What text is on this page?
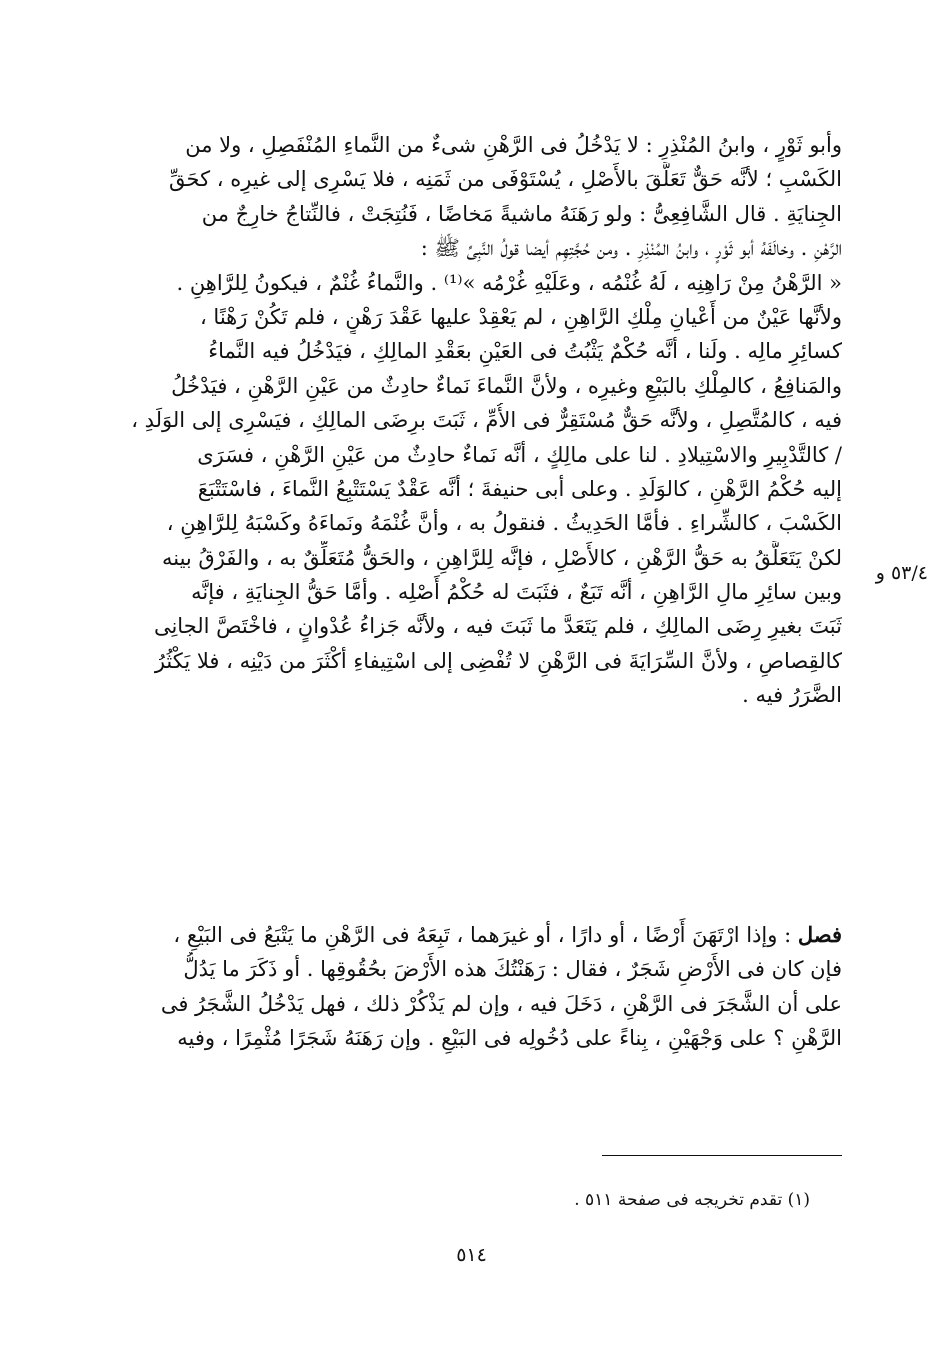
وأبو ثَوْرٍ ، وابنُ المُنْذِرِ : لا يَدْخُلُ فى الرَّهْنِ شىءٌ من النَّماءِ المُنْفَصِلِ ، ولا من
الكَسْبِ ؛ لأنَّه حَقٌّ تَعَلَّقَ بالأَصْلِ ، يُسْتَوْفَى من ثَمَنِه ، فلا يَسْرِى إلى غيرِه ، كحَقِّ
الجِنايَةِ . قال الشَّافِعِىُّ : ولو رَهَنَهُ ماشيةً مَخاضًا ، فَنُتِجَتْ ، فالنِّتاجُ خارِجٌ من
الرَّهْنِ . وخالَفَهُ أبو ثَوْرٍ ، وابنُ المُنْذِرِ . ومن حُجَّتِهِم أيضا قولُ النَّبِىِّ ﷺ :
« الرَّهْنُ مِنْ رَاهِنِه ، لَهُ غُنْمُه ، وعَلَيْهِ غُرْمُه »⁽¹⁾ . والنَّماءُ غُنْمٌ ، فيكونُ لِلرَّاهِنِ .
ولأنَّها عَيْنٌ من أَعْيانِ مِلْكِ الرَّاهِنِ ، لم يَعْقِدْ عليها عَقْدَ رَهْنٍ ، فلم تَكُنْ رَهْنًا ،
كسائِرِ مالِه . ولَنا ، أنَّه حُكْمٌ يَثْبُتُ فى العَيْنِ بعَقْدِ المالِكِ ، فيَدْخُلُ فيه النَّماءُ
والمَنافِعُ ، كالمِلْكِ بالبَيْعِ وغيرِه ، ولأنَّ النَّماءَ نَماءٌ حادِثٌ من عَيْنِ الرَّهْنِ ، فيَدْخُلُ
فيه ، كالمُتَّصِلِ ، ولأنَّه حَقٌّ مُسْتَقِرٌّ فى الأُمِّ ، ثَبَتَ برِضَى المالِكِ ، فيَسْرِى إلى الوَلَدِ ،
/ كالتَّدْبِيرِ والاسْتِيلادِ . لنا على مالِكٍ ، أنَّه نَماءٌ حادِثٌ من عَيْنِ الرَّهْنِ ، فسَرَى
إليه حُكْمُ الرَّهْنِ ، كالوَلَدِ . وعلى أبى حنيفةَ ؛ أنَّه عَقْدٌ يَسْتَتْبِعُ النَّماءَ ، فاسْتَتْبَعَ
الكَسْبَ ، كالشِّراءِ . فأمَّا الحَدِيثُ . فنقولُ به ، وأنَّ غُنْمَهُ ونَماءَهُ وكَسْبَهُ لِلرَّاهِنِ ،
لكنْ يَتَعَلَّقُ به حَقُّ الرَّهْنِ ، كالأَصْلِ ، فإنَّه لِلرَّاهِنِ ، والحَقُّ مُتَعَلِّقٌ به ، والفَرْقُ بينه
وبين سائِرِ مالِ الرَّاهِنِ ، أنَّه تَبَعٌ ، فثَبَتَ له حُكْمُ أَصْلِه . وأمَّا حَقُّ الجِنايَةِ ، فإنَّه
ثَبَتَ بغيرِ رِضَى المالِكِ ، فلم يَتَعَدَّ ما ثَبَتَ فيه ، ولأنَّه جَزاءُ عُدْوانٍ ، فاخْتَصَّ الجانِى
كالقِصاصِ ، ولأنَّ السِّرَايَةَ فى الرَّهْنِ لا تُفْضِى إلى اسْتِيفاءِ أكْثَرَ من دَيْنِه ، فلا يَكْثُرُ
الضَّرَرُ فيه .
٥٣/٤ و
فصل : وإذا ارْتَهَنَ أَرْضًا ، أو دارًا ، أو غيرَهما ، تَبِعَهُ فى الرَّهْنِ ما يَتْبَعُ فى البَيْعِ ،
فإن كان فى الأَرْضِ شَجَرٌ ، فقال : رَهَنْتُكَ هذه الأَرْضَ بحُقُوقِها . أو ذَكَرَ ما يَدُلُّ
على أن الشَّجَرَ فى الرَّهْنِ ، دَخَلَ فيه ، وإن لم يَذْكُرْ ذلك ، فهل يَدْخُلُ الشَّجَرُ فى
الرَّهْنِ ؟ على وَجْهَيْنِ ، بِناءً على دُخُولِه فى البَيْعِ . وإن رَهَنَهُ شَجَرًا مُثْمِرًا ، وفيه
(١) تقدم تخريجه فى صفحة ٥١١ .
٥١٤
